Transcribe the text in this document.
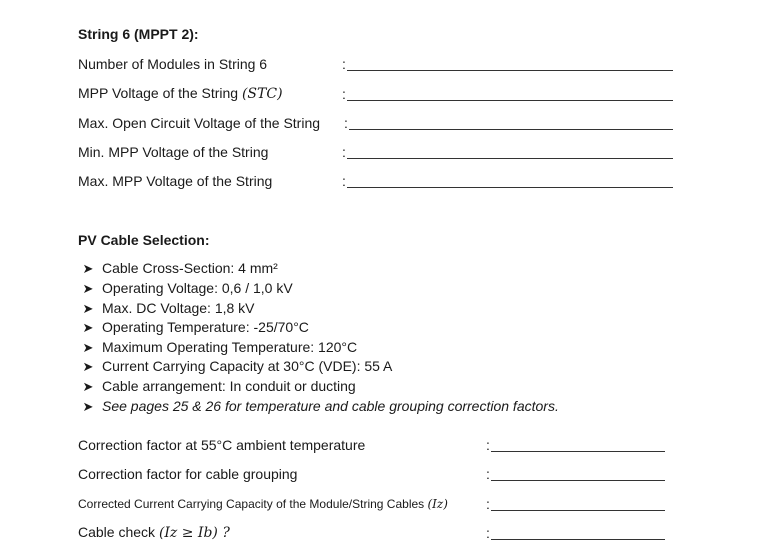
String 6 (MPPT 2):
Number of Modules in String 6	:
MPP Voltage of the String (STC)	:
Max. Open Circuit Voltage of the String :
Min. MPP Voltage of the String	:
Max. MPP Voltage of the String	:
PV Cable Selection:
➤ Cable Cross-Section: 4 mm²
➤ Operating Voltage: 0,6 / 1,0 kV
➤ Max. DC Voltage: 1,8 kV
➤ Operating Temperature: -25/70°C
➤ Maximum Operating Temperature: 120°C
➤ Current Carrying Capacity at 30°C (VDE): 55 A
➤ Cable arrangement: In conduit or ducting
➤ See pages 25 & 26 for temperature and cable grouping correction factors.
Correction factor at 55°C ambient temperature	:
Correction factor for cable grouping	:
Corrected Current Carrying Capacity of the Module/String Cables (Iz)	:
Cable check (Iz ≥ Ib) ?	:
